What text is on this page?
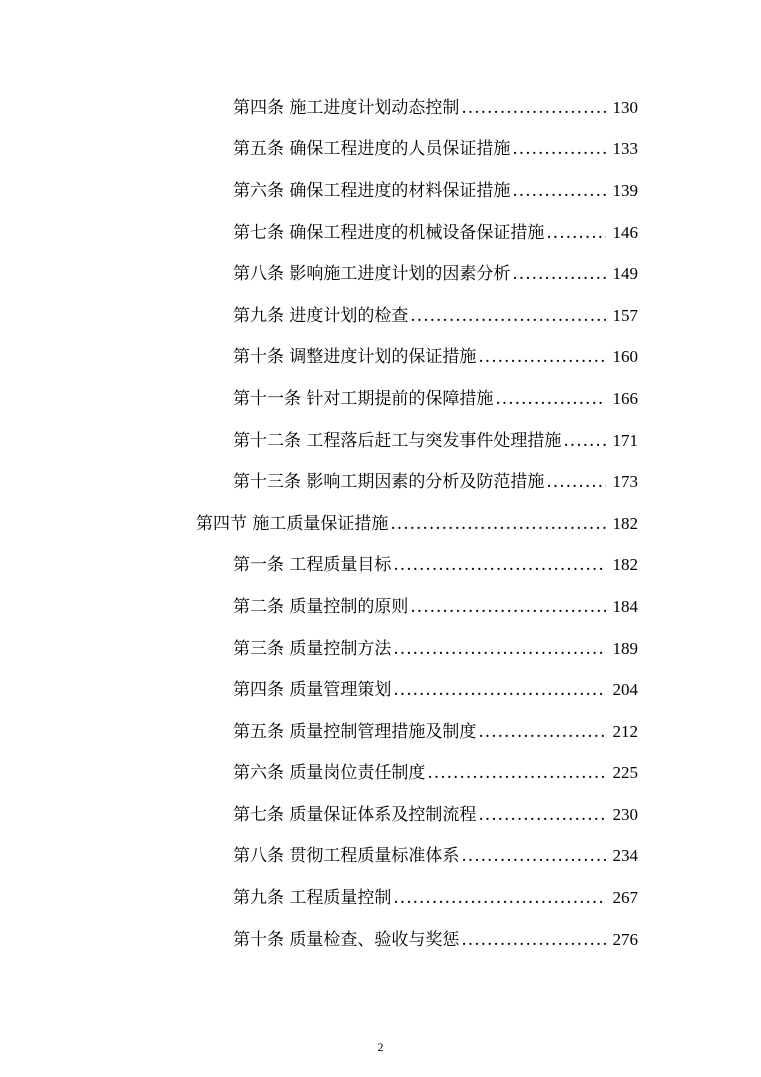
第四条 施工进度计划动态控制 .....	130
第五条 确保工程进度的人员保证措施 .....	133
第六条 确保工程进度的材料保证措施 .....	139
第七条 确保工程进度的机械设备保证措施 .....	146
第八条 影响施工进度计划的因素分析 .....	149
第九条 进度计划的检查 .....	157
第十条 调整进度计划的保证措施 .....	160
第十一条 针对工期提前的保障措施 .....	166
第十二条 工程落后赶工与突发事件处理措施 .....	171
第十三条 影响工期因素的分析及防范措施 .....	173
第四节 施工质量保证措施 .....	182
第一条 工程质量目标 .....	182
第二条 质量控制的原则 .....	184
第三条 质量控制方法 .....	189
第四条 质量管理策划 .....	204
第五条 质量控制管理措施及制度 .....	212
第六条 质量岗位责任制度 .....	225
第七条 质量保证体系及控制流程 .....	230
第八条 贯彻工程质量标准体系 .....	234
第九条 工程质量控制 .....	267
第十条 质量检查、验收与奖惩 .....	276
2
